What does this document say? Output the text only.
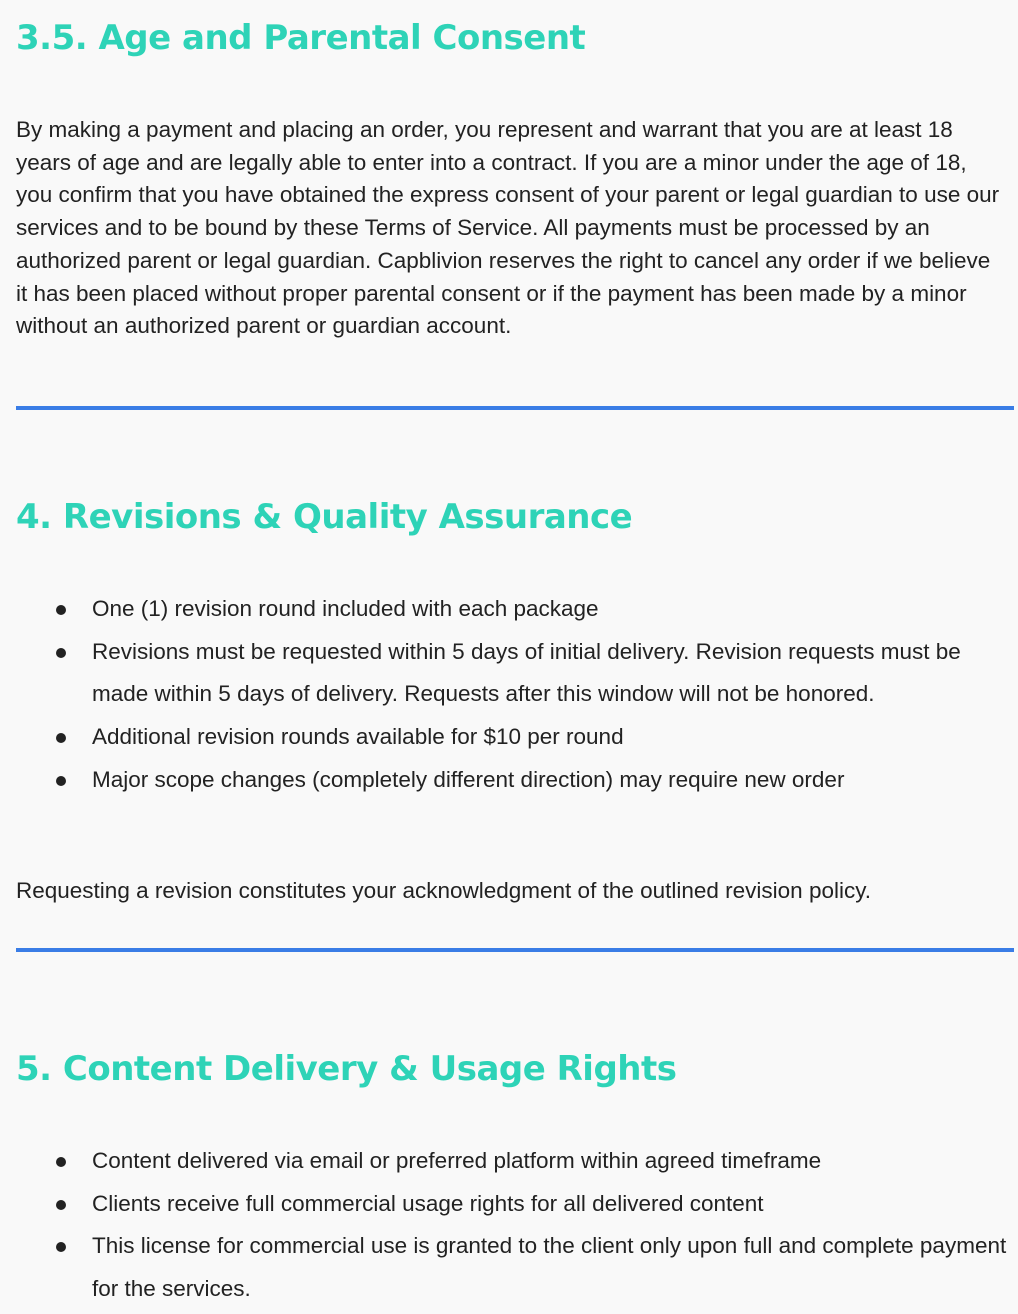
3.5. Age and Parental Consent

By making a payment and placing an order, you represent and warrant that you are at least 18 years of age and are legally able to enter into a contract. If you are a minor under the age of 18, you confirm that you have obtained the express consent of your parent or legal guardian to use our services and to be bound by these Terms of Service. All payments must be processed by an authorized parent or legal guardian. Capblivion reserves the right to cancel any order if we believe it has been placed without proper parental consent or if the payment has been made by a minor without an authorized parent or guardian account.

4. Revisions & Quality Assurance
One (1) revision round included with each package
Revisions must be requested within 5 days of initial delivery. Revision requests must be made within 5 days of delivery. Requests after this window will not be honored.
Additional revision rounds available for $10 per round
Major scope changes (completely different direction) may require new order

Requesting a revision constitutes your acknowledgment of the outlined revision policy.

5. Content Delivery & Usage Rights
Content delivered via email or preferred platform within agreed timeframe
Clients receive full commercial usage rights for all delivered content
This license for commercial use is granted to the client only upon full and complete payment for the services.
